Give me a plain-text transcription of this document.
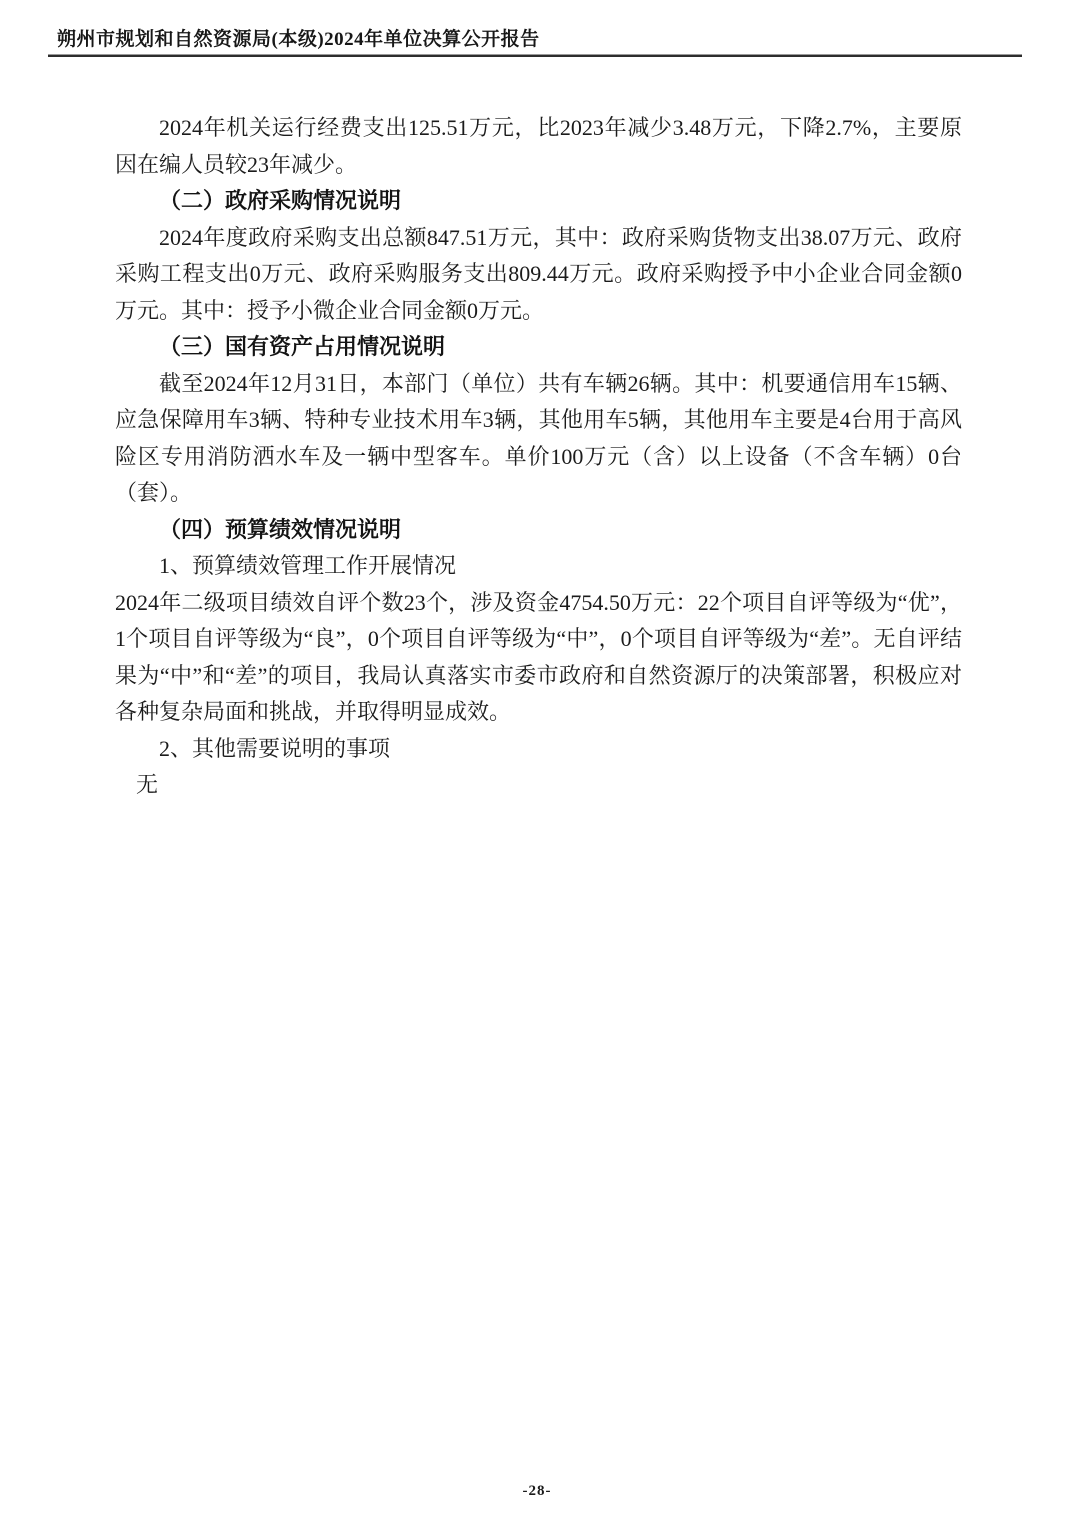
朔州市规划和自然资源局(本级)2024年单位决算公开报告

2024年机关运行经费支出125.51万元，比2023年减少3.48万元，下降2.7%，主要原因在编人员较23年减少。

（二）政府采购情况说明

2024年度政府采购支出总额847.51万元，其中：政府采购货物支出38.07万元、政府采购工程支出0万元、政府采购服务支出809.44万元。政府采购授予中小企业合同金额0万元。其中：授予小微企业合同金额0万元。

（三）国有资产占用情况说明

截至2024年12月31日，本部门（单位）共有车辆26辆。其中：机要通信用车15辆、应急保障用车3辆、特种专业技术用车3辆，其他用车5辆，其他用车主要是4台用于高风险区专用消防洒水车及一辆中型客车。单价100万元（含）以上设备（不含车辆）0台（套）。

（四）预算绩效情况说明

1、预算绩效管理工作开展情况

2024年二级项目绩效自评个数23个，涉及资金4754.50万元：22个项目自评等级为“优”，1个项目自评等级为“良”，0个项目自评等级为“中”，0个项目自评等级为“差”。无自评结果为“中”和“差”的项目，我局认真落实市委市政府和自然资源厅的决策部署，积极应对各种复杂局面和挑战，并取得明显成效。

2、其他需要说明的事项

无

-28-
